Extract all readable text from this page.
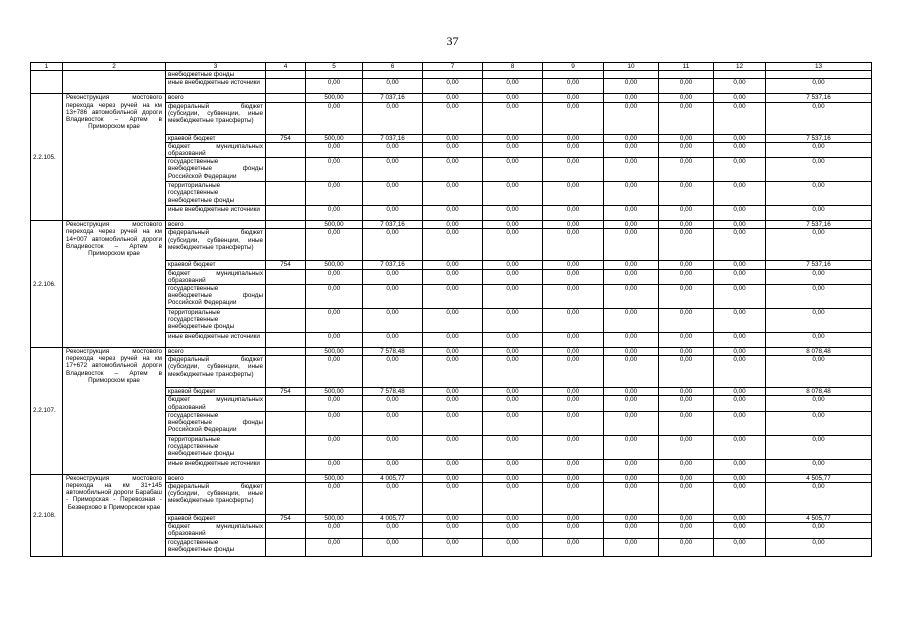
37
1	2	3	4	5	6	7	8	9	10	11	12	13
		внебюджетные фонды										
		иные внебюджетные источники		0,00	0,00	0,00	0,00	0,00	0,00	0,00	0,00	0,00
2.2.105.	Реконструкция мостового перехода через ручей на км 13+786 автомобильной дороги Владивосток – Артем в Приморском крае	всего		500,00	7 037,16	0,00	0,00	0,00	0,00	0,00	0,00	7 537,16
		федеральный бюджет (субсидии, субвенции, иные межбюджетные трансферты)		0,00	0,00	0,00	0,00	0,00	0,00	0,00	0,00	0,00
		краевой бюджет	754	500,00	7 037,16	0,00	0,00	0,00	0,00	0,00	0,00	7 537,16
		бюджет муниципальных образований		0,00	0,00	0,00	0,00	0,00	0,00	0,00	0,00	0,00
		государственные внебюджетные фонды Российской Федерации		0,00	0,00	0,00	0,00	0,00	0,00	0,00	0,00	0,00
		территориальные государственные внебюджетные фонды		0,00	0,00	0,00	0,00	0,00	0,00	0,00	0,00	0,00
		иные внебюджетные источники		0,00	0,00	0,00	0,00	0,00	0,00	0,00	0,00	0,00
2.2.106.	Реконструкция мостового перехода через ручей на км 14+007 автомобильной дороги Владивосток – Артем в Приморском крае	всего		500,00	7 037,16	0,00	0,00	0,00	0,00	0,00	0,00	7 537,16
		федеральный бюджет (субсидии, субвенции, иные межбюджетные трансферты)		0,00	0,00	0,00	0,00	0,00	0,00	0,00	0,00	0,00
		краевой бюджет	754	500,00	7 037,16	0,00	0,00	0,00	0,00	0,00	0,00	7 537,16
		бюджет муниципальных образований		0,00	0,00	0,00	0,00	0,00	0,00	0,00	0,00	0,00
		государственные внебюджетные фонды Российской Федерации		0,00	0,00	0,00	0,00	0,00	0,00	0,00	0,00	0,00
		территориальные государственные внебюджетные фонды		0,00	0,00	0,00	0,00	0,00	0,00	0,00	0,00	0,00
		иные внебюджетные источники		0,00	0,00	0,00	0,00	0,00	0,00	0,00	0,00	0,00
2.2.107.	Реконструкция мостового перехода через ручей на км 17+672 автомобильной дороги Владивосток – Артем в Приморском крае	всего		500,00	7 578,48	0,00	0,00	0,00	0,00	0,00	0,00	8 078,48
		федеральный бюджет (субсидии, субвенции, иные межбюджетные трансферты)		0,00	0,00	0,00	0,00	0,00	0,00	0,00	0,00	0,00
		краевой бюджет	754	500,00	7 578,48	0,00	0,00	0,00	0,00	0,00	0,00	8 078,48
		бюджет муниципальных образований		0,00	0,00	0,00	0,00	0,00	0,00	0,00	0,00	0,00
		государственные внебюджетные фонды Российской Федерации		0,00	0,00	0,00	0,00	0,00	0,00	0,00	0,00	0,00
		территориальные государственные внебюджетные фонды		0,00	0,00	0,00	0,00	0,00	0,00	0,00	0,00	0,00
		иные внебюджетные источники		0,00	0,00	0,00	0,00	0,00	0,00	0,00	0,00	0,00
2.2.108.	Реконструкция мостового перехода на км 31+145 автомобильной дороги Барабаш - Приморская - Перевозная - Безверхово в Приморском крае	всего		500,00	4 005,77	0,00	0,00	0,00	0,00	0,00	0,00	4 505,77
		федеральный бюджет (субсидии, субвенции, иные межбюджетные трансферты)		0,00	0,00	0,00	0,00	0,00	0,00	0,00	0,00	0,00
		краевой бюджет	754	500,00	4 005,77	0,00	0,00	0,00	0,00	0,00	0,00	4 505,77
		бюджет муниципальных образований		0,00	0,00	0,00	0,00	0,00	0,00	0,00	0,00	0,00
		государственные внебюджетные фонды		0,00	0,00	0,00	0,00	0,00	0,00	0,00	0,00	0,00
